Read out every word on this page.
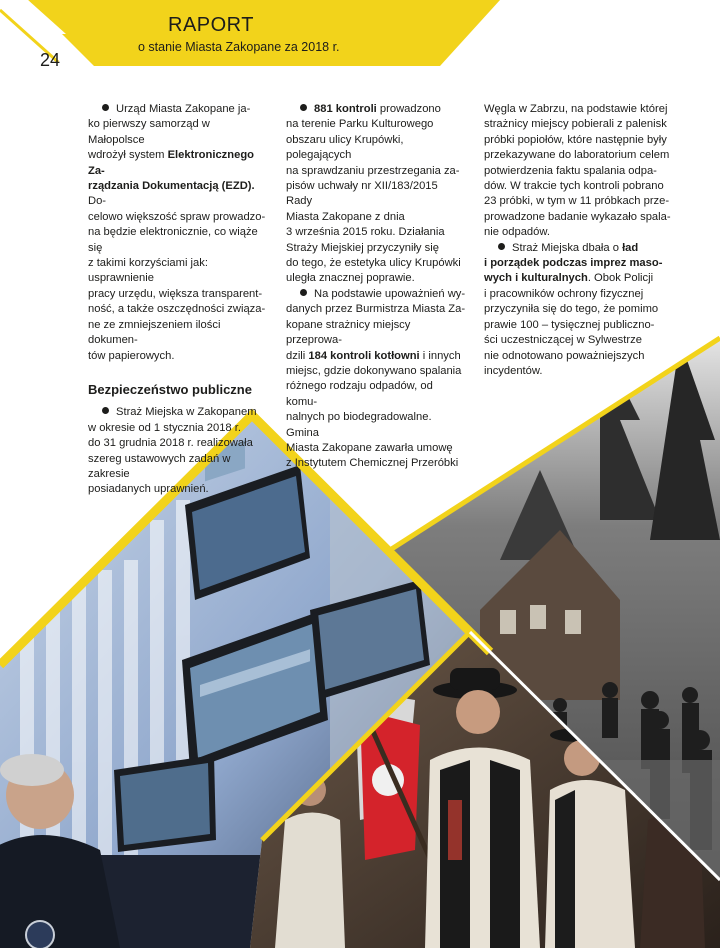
RAPORT
o stanie Miasta Zakopane za 2018 r.
24

Urząd Miasta Zakopane ja-
ko pierwszy samorząd w Małopolsce
wdrożył system Elektronicznego Za-
rządzania Dokumentacją (EZD). Do-
celowo większość spraw prowadzo-
na będzie elektronicznie, co wiąże się
z takimi korzyściami jak: usprawnienie
pracy urzędu, większa transparent-
ność, a także oszczędności związa-
ne ze zmniejszeniem ilości dokumen-
tów papierowych.

Bezpieczeństwo publiczne

Straż Miejska w Zakopanem
w okresie od 1 stycznia 2018 r.
do 31 grudnia 2018 r. realizowała
szereg ustawowych zadań w zakresie
posiadanych uprawnień.

881 kontroli prowadzono
na terenie Parku Kulturowego
obszaru ulicy Krupówki, polegających
na sprawdzaniu przestrzegania za-
pisów uchwały nr XII/183/2015 Rady
Miasta Zakopane z dnia
3 września 2015 roku. Działania
Straży Miejskiej przyczyniły się
do tego, że estetyka ulicy Krupówki
uległa znacznej poprawie.

Na podstawie upoważnień wy-
danych przez Burmistrza Miasta Za-
kopane strażnicy miejscy przeprowa-
dzili 184 kontroli kotłowni i innych
miejsc, gdzie dokonywano spalania
różnego rodzaju odpadów, od komu-
nalnych po biodegradowalne. Gmina
Miasta Zakopane zawarła umowę
z Instytutem Chemicznej Przeróbki

Węgla w Zabrzu, na podstawie której
strażnicy miejscy pobierali z palenisk
próbki popiołów, które następnie były
przekazywane do laboratorium celem
potwierdzenia faktu spalania odpa-
dów. W trakcie tych kontroli pobrano
23 próbki, w tym w 11 próbkach prze-
prowadzone badanie wykazało spala-
nie odpadów.

Straż Miejska dbała o ład
i porządek podczas imprez maso-
wych i kulturalnych. Obok Policji
i pracowników ochrony fizycznej
przyczyniła się do tego, że pomimo
prawie 100 – tysięcznej publiczno-
ści uczestniczącej w Sylwestrze
nie odnotowano poważniejszych
incydentów.
